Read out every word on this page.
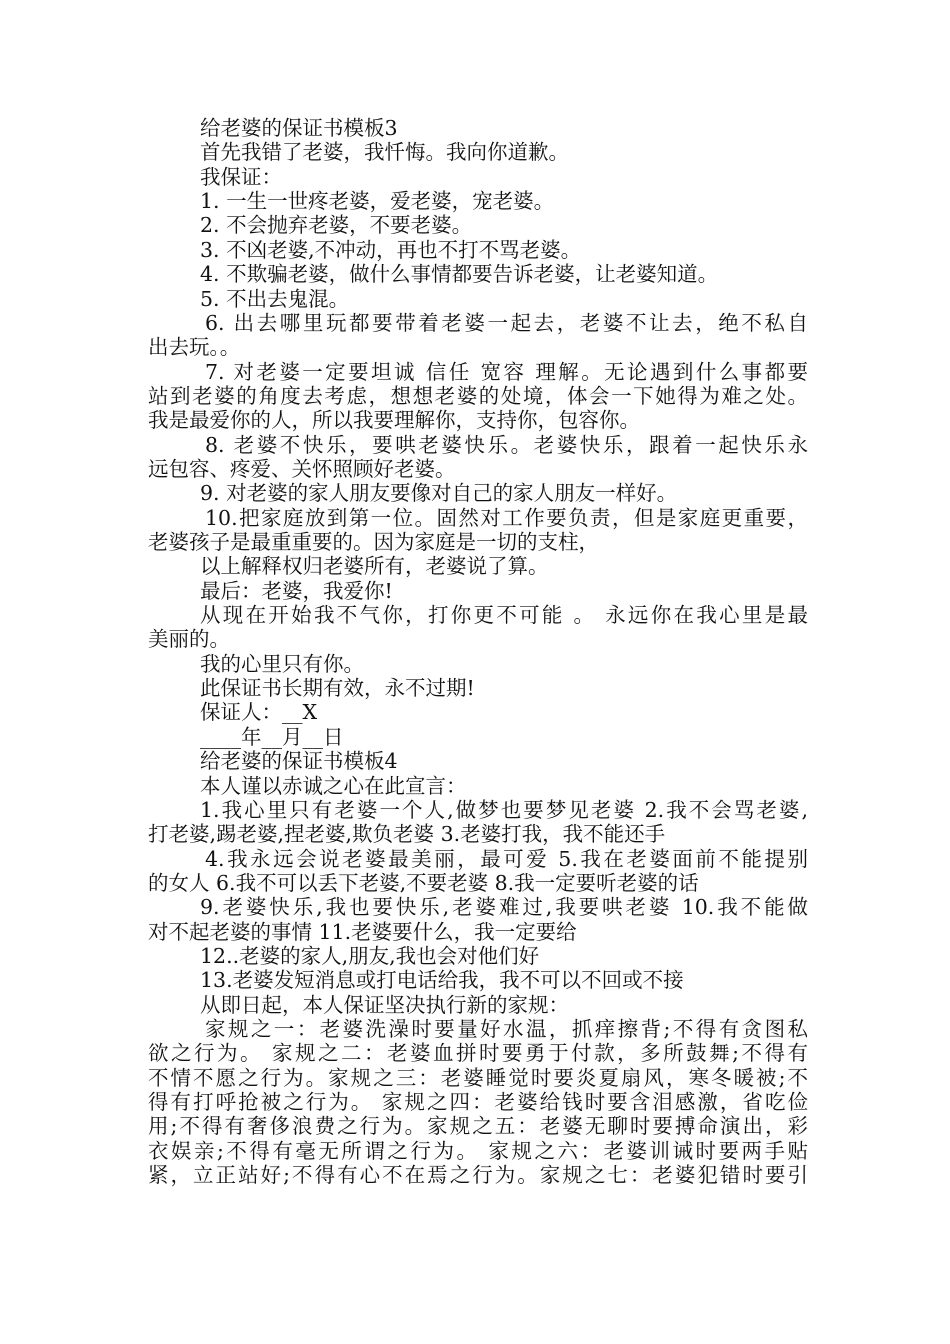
给老婆的保证书模板3
首先我错了老婆，我忏悔。我向你道歉。
我保证：
1. 一生一世疼老婆，爱老婆，宠老婆。
2. 不会抛弃老婆，不要老婆。
3. 不凶老婆,不冲动，再也不打不骂老婆。
4. 不欺骗老婆，做什么事情都要告诉老婆，让老婆知道。
5. 不出去鬼混。
6. 出去哪里玩都要带着老婆一起去，老婆不让去，绝不私自
出去玩。。
7. 对老婆一定要坦诚 信任 宽容 理解。无论遇到什么事都要
站到老婆的角度去考虑，想想老婆的处境，体会一下她得为难之处。
我是最爱你的人，所以我要理解你，支持你，包容你。
8. 老婆不快乐，要哄老婆快乐。老婆快乐，跟着一起快乐永
远包容、疼爱、关怀照顾好老婆。
9. 对老婆的家人朋友要像对自己的家人朋友一样好。
10.把家庭放到第一位。固然对工作要负责，但是家庭更重要，
老婆孩子是最重重要的。因为家庭是一切的支柱，
以上解释权归老婆所有，老婆说了算。
最后：老婆，我爱你!
从现在开始我不气你，打你更不可能 。 永远你在我心里是最
美丽的。
我的心里只有你。
此保证书长期有效，永不过期!
保证人：__X
____年__月__日
给老婆的保证书模板4
本人谨以赤诚之心在此宣言：
1.我心里只有老婆一个人,做梦也要梦见老婆 2.我不会骂老婆,
打老婆,踢老婆,捏老婆,欺负老婆 3.老婆打我，我不能还手
4.我永远会说老婆最美丽，最可爱 5.我在老婆面前不能提别
的女人 6.我不可以丢下老婆,不要老婆 8.我一定要听老婆的话
9.老婆快乐,我也要快乐,老婆难过,我要哄老婆 10.我不能做
对不起老婆的事情 11.老婆要什么，我一定要给
12..老婆的家人,朋友,我也会对他们好
13.老婆发短消息或打电话给我，我不可以不回或不接
从即日起，本人保证坚决执行新的家规：
家规之一：老婆洗澡时要量好水温，抓痒擦背;不得有贪图私
欲之行为。 家规之二：老婆血拼时要勇于付款，多所鼓舞;不得有
不情不愿之行为。家规之三：老婆睡觉时要炎夏扇风，寒冬暖被;不
得有打呼抢被之行为。 家规之四：老婆给钱时要含泪感激，省吃俭
用;不得有奢侈浪费之行为。家规之五：老婆无聊时要搏命演出，彩
衣娱亲;不得有毫无所谓之行为。 家规之六：老婆训诫时要两手贴
紧，立正站好;不得有心不在焉之行为。家规之七：老婆犯错时要引
